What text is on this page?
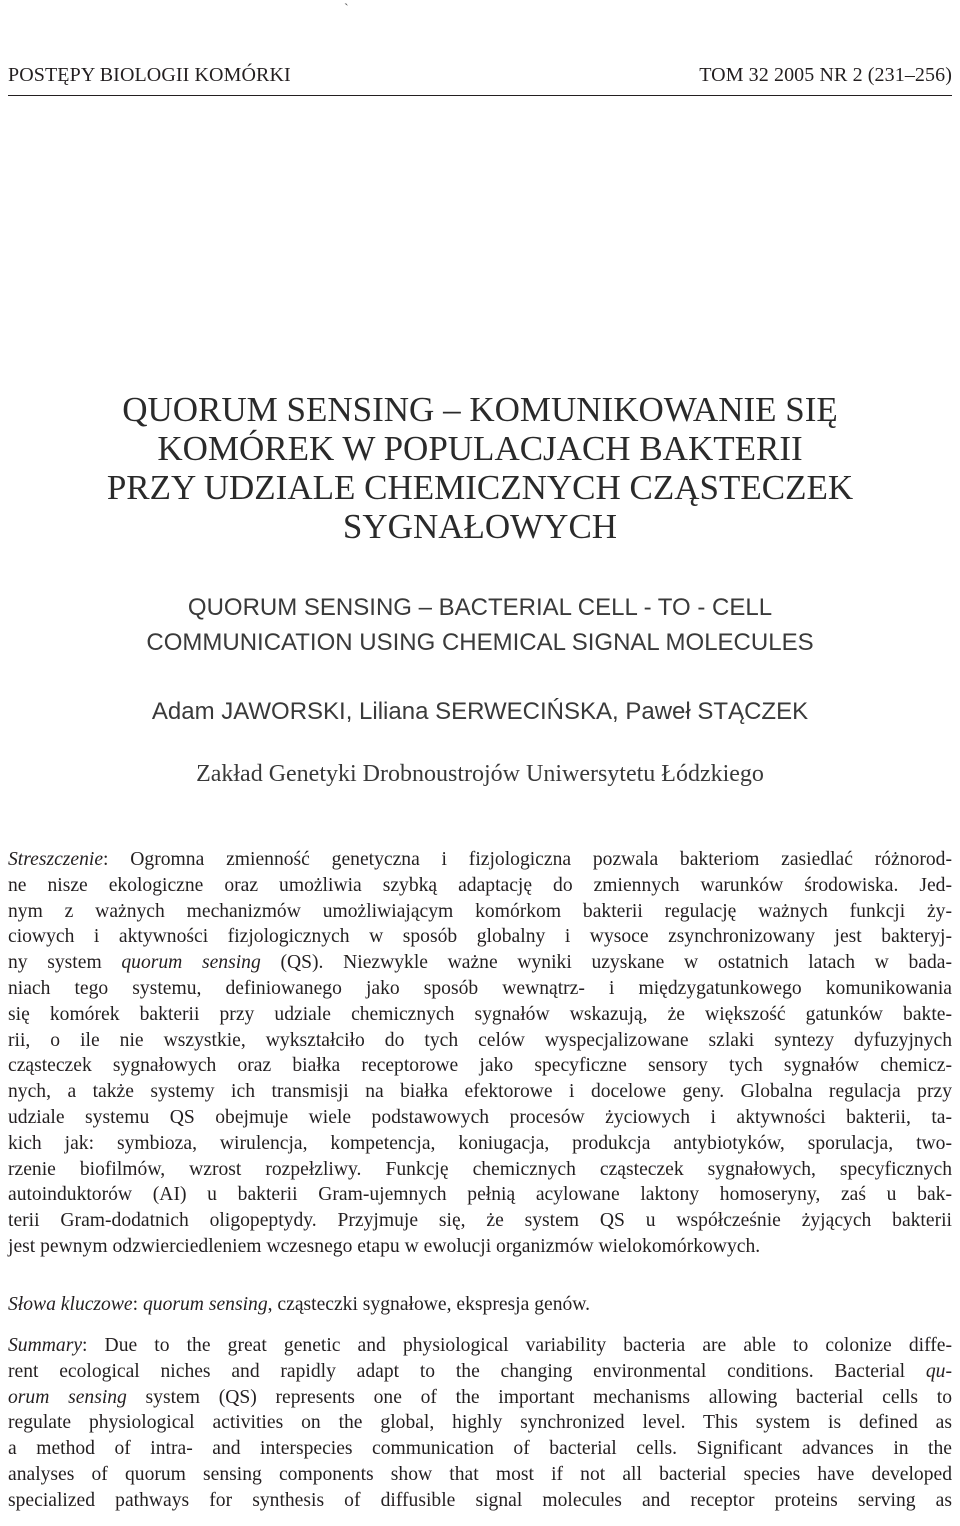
`
POSTĘPY BIOLOGII KOMÓRKI	TOM 32 2005 NR 2 (231–256)
QUORUM SENSING – KOMUNIKOWANIE SIĘ
KOMÓREK W POPULACJACH BAKTERII
PRZY UDZIALE CHEMICZNYCH CZĄSTECZEK
SYGNAŁOWYCH
QUORUM SENSING – BACTERIAL CELL - TO - CELL
COMMUNICATION USING CHEMICAL SIGNAL MOLECULES
Adam JAWORSKI, Liliana SERWECIŃSKA, Paweł STĄCZEK
Zakład Genetyki Drobnoustrojów Uniwersytetu Łódzkiego
Streszczenie: Ogromna zmienność genetyczna i fizjologiczna pozwala bakteriom zasiedlać różnorod-
ne nisze ekologiczne oraz umożliwia szybką adaptację do zmiennych warunków środowiska. Jed-
nym z ważnych mechanizmów umożliwiającym komórkom bakterii regulację ważnych funkcji ży-
ciowych i aktywności fizjologicznych w sposób globalny i wysoce zsynchronizowany jest bakteryj-
ny system quorum sensing (QS). Niezwykle ważne wyniki uzyskane w ostatnich latach w bada-
niach tego systemu, definiowanego jako sposób wewnątrz- i międzygatunkowego komunikowania
się komórek bakterii przy udziale chemicznych sygnałów wskazują, że większość gatunków bakte-
rii, o ile nie wszystkie, wykształciło do tych celów wyspecjalizowane szlaki syntezy dyfuzyjnych
cząsteczek sygnałowych oraz białka receptorowe jako specyficzne sensory tych sygnałów chemicz-
nych, a także systemy ich transmisji na białka efektorowe i docelowe geny. Globalna regulacja przy
udziale systemu QS obejmuje wiele podstawowych procesów życiowych i aktywności bakterii, ta-
kich jak: symbioza, wirulencja, kompetencja, koniugacja, produkcja antybiotyków, sporulacja, two-
rzenie biofilmów, wzrost rozpełzliwy. Funkcję chemicznych cząsteczek sygnałowych, specyficznych
autoinduktorów (AI) u bakterii Gram-ujemnych pełnią acylowane laktony homoseryny, zaś u bak-
terii Gram-dodatnich oligopeptydy. Przyjmuje się, że system QS u współcześnie żyjących bakterii
jest pewnym odzwierciedleniem wczesnego etapu w ewolucji organizmów wielokomórkowych.
Słowa kluczowe: quorum sensing, cząsteczki sygnałowe, ekspresja genów.
Summary: Due to the great genetic and physiological variability bacteria are able to colonize diffe-
rent ecological niches and rapidly adapt to the changing environmental conditions. Bacterial qu-
orum sensing system (QS) represents one of the important mechanisms allowing bacterial cells to
regulate physiological activities on the global, highly synchronized level. This system is defined as
a method of intra- and interspecies communication of bacterial cells. Significant advances in the
analyses of quorum sensing components show that most if not all bacterial species have developed
specialized pathways for synthesis of diffusible signal molecules and receptor proteins serving as
